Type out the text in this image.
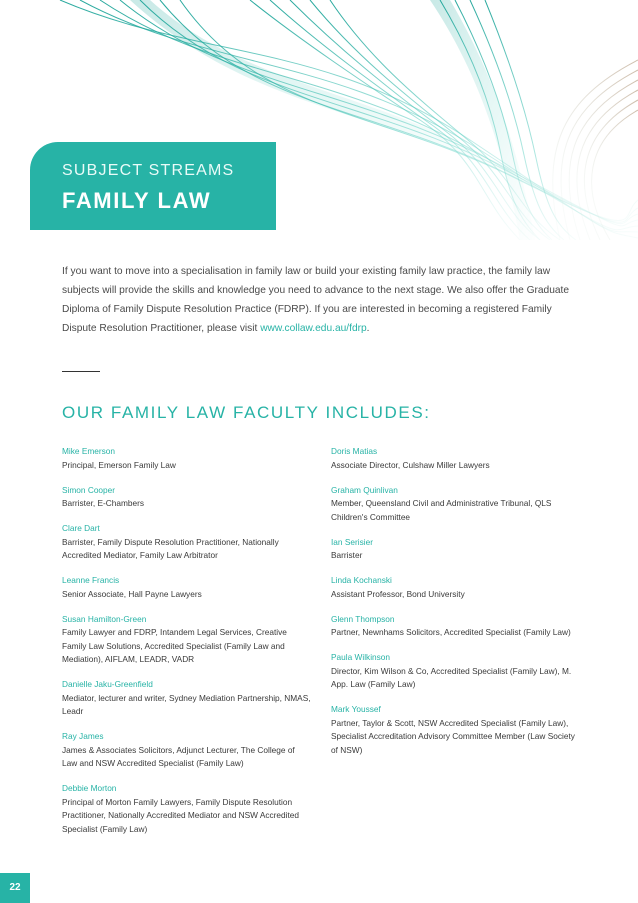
SUBJECT STREAMS
FAMILY LAW

If you want to move into a specialisation in family law or build your existing family law practice, the family law subjects will provide the skills and knowledge you need to advance to the next stage. We also offer the Graduate Diploma of Family Dispute Resolution Practice (FDRP). If you are interested in becoming a registered Family Dispute Resolution Practitioner, please visit www.collaw.edu.au/fdrp.

OUR FAMILY LAW FACULTY INCLUDES:
Mike Emerson
Principal, Emerson Family Law
Simon Cooper
Barrister, E-Chambers
Clare Dart
Barrister, Family Dispute Resolution Practitioner, Nationally Accredited Mediator, Family Law Arbitrator
Leanne Francis
Senior Associate, Hall Payne Lawyers
Susan Hamilton-Green
Family Lawyer and FDRP, Intandem Legal Services, Creative Family Law Solutions, Accredited Specialist (Family Law and Mediation), AIFLAM, LEADR, VADR
Danielle Jaku-Greenfield
Mediator, lecturer and writer, Sydney Mediation Partnership, NMAS, Leadr
Ray James
James & Associates Solicitors, Adjunct Lecturer, The College of Law and NSW Accredited Specialist (Family Law)
Debbie Morton
Principal of Morton Family Lawyers, Family Dispute Resolution Practitioner, Nationally Accredited Mediator and NSW Accredited Specialist (Family Law)
Doris Matias
Associate Director, Culshaw Miller Lawyers
Graham Quinlivan
Member, Queensland Civil and Administrative Tribunal, QLS Children's Committee
Ian Serisier
Barrister
Linda Kochanski
Assistant Professor, Bond University
Glenn Thompson
Partner, Newnhams Solicitors, Accredited Specialist (Family Law)
Paula Wilkinson
Director, Kim Wilson & Co, Accredited Specialist (Family Law), M. App. Law (Family Law)
Mark Youssef
Partner, Taylor & Scott, NSW Accredited Specialist (Family Law), Specialist Accreditation Advisory Committee Member (Law Society of NSW)
22
